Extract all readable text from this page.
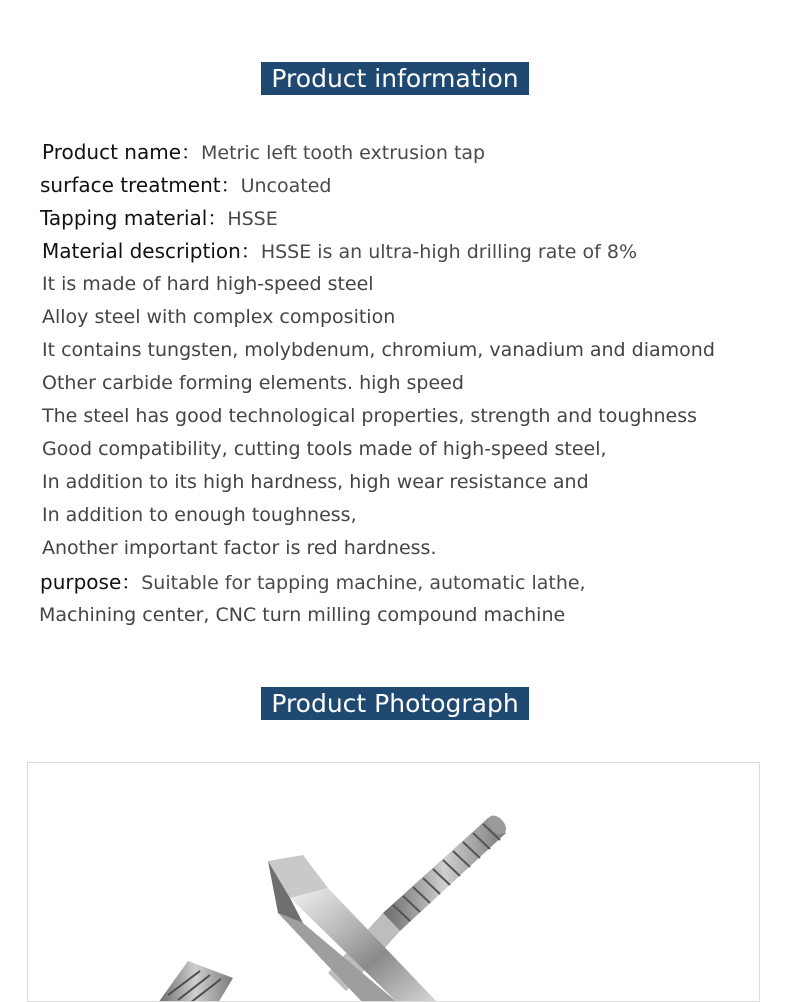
Product information
Product name：Metric left tooth extrusion tap
surface treatment：Uncoated
Tapping material：HSSE
Material description：HSSE is an ultra-high drilling rate of 8%
It is made of hard high-speed steel
Alloy steel with complex composition
It contains tungsten, molybdenum, chromium, vanadium and diamond
Other carbide forming elements. high speed
The steel has good technological properties, strength and toughness
Good compatibility, cutting tools made of high-speed steel,
In addition to its high hardness, high wear resistance and
In addition to enough toughness,
Another important factor is red hardness.
purpose：Suitable for tapping machine, automatic lathe,
Machining center, CNC turn milling compound machine
Product Photograph
